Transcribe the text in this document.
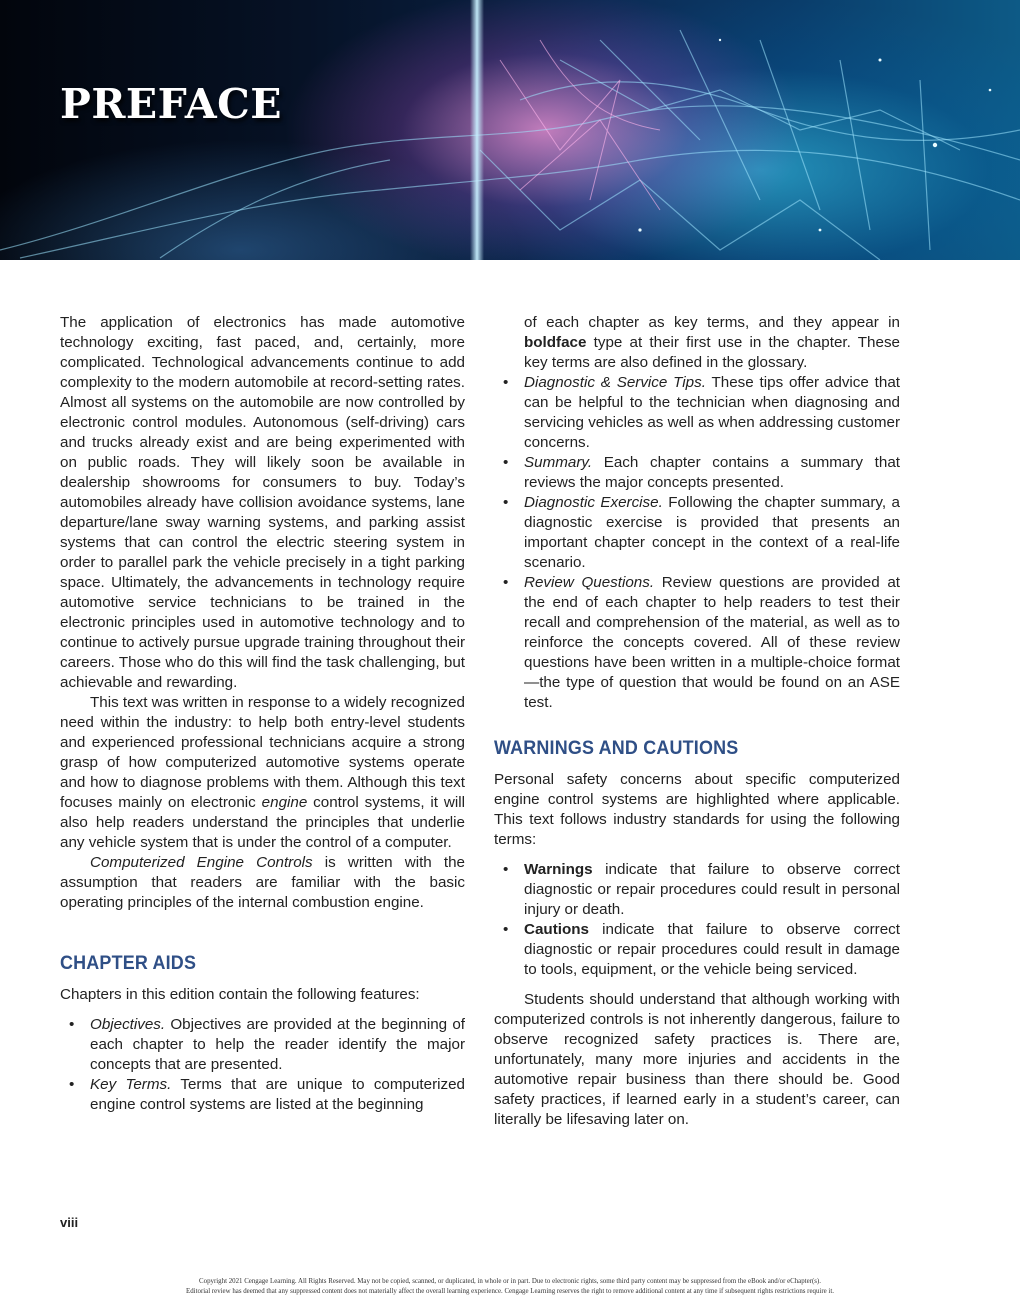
PREFACE

The application of electronics has made automotive technology exciting, fast paced, and, certainly, more complicated. Technological advancements continue to add complexity to the modern automobile at record-setting rates. Almost all systems on the automobile are now controlled by electronic control modules. Autonomous (self-driving) cars and trucks already exist and are being experimented with on public roads. They will likely soon be available in dealership showrooms for consumers to buy. Today’s automobiles already have collision avoidance systems, lane departure/lane sway warning systems, and parking assist systems that can control the electric steering system in order to parallel park the vehicle precisely in a tight parking space. Ultimately, the advancements in technology require automotive service technicians to be trained in the electronic principles used in automotive technology and to continue to actively pursue upgrade training throughout their careers. Those who do this will find the task challenging, but achievable and rewarding.

This text was written in response to a widely recognized need within the industry: to help both entry-level students and experienced professional technicians acquire a strong grasp of how computerized automotive systems operate and how to diagnose problems with them. Although this text focuses mainly on electronic engine control systems, it will also help readers understand the principles that underlie any vehicle system that is under the control of a computer.

Computerized Engine Controls is written with the assumption that readers are familiar with the basic operating principles of the internal combustion engine.

CHAPTER AIDS

Chapters in this edition contain the following features:

• Objectives. Objectives are provided at the beginning of each chapter to help the reader identify the major concepts that are presented.
• Key Terms. Terms that are unique to computerized engine control systems are listed at the beginning

of each chapter as key terms, and they appear in boldface type at their first use in the chapter. These key terms are also defined in the glossary.

• Diagnostic & Service Tips. These tips offer advice that can be helpful to the technician when diagnosing and servicing vehicles as well as when addressing customer concerns.
• Summary. Each chapter contains a summary that reviews the major concepts presented.
• Diagnostic Exercise. Following the chapter summary, a diagnostic exercise is provided that presents an important chapter concept in the context of a real-life scenario.
• Review Questions. Review questions are provided at the end of each chapter to help readers to test their recall and comprehension of the material, as well as to reinforce the concepts covered. All of these review questions have been written in a multiple-choice format—the type of question that would be found on an ASE test.
WARNINGS AND CAUTIONS

Personal safety concerns about specific computerized engine control systems are highlighted where applicable. This text follows industry standards for using the following terms:

• Warnings indicate that failure to observe correct diagnostic or repair procedures could result in personal injury or death.
• Cautions indicate that failure to observe correct diagnostic or repair procedures could result in damage to tools, equipment, or the vehicle being serviced.

Students should understand that although working with computerized controls is not inherently dangerous, failure to observe recognized safety practices is. There are, unfortunately, many more injuries and accidents in the automotive repair business than there should be. Good safety practices, if learned early in a student’s career, can literally be lifesaving later on.

viii
Copyright 2021 Cengage Learning. All Rights Reserved. May not be copied, scanned, or duplicated, in whole or in part. Due to electronic rights, some third party content may be suppressed from the eBook and/or eChapter(s).
Editorial review has deemed that any suppressed content does not materially affect the overall learning experience. Cengage Learning reserves the right to remove additional content at any time if subsequent rights restrictions require it.
